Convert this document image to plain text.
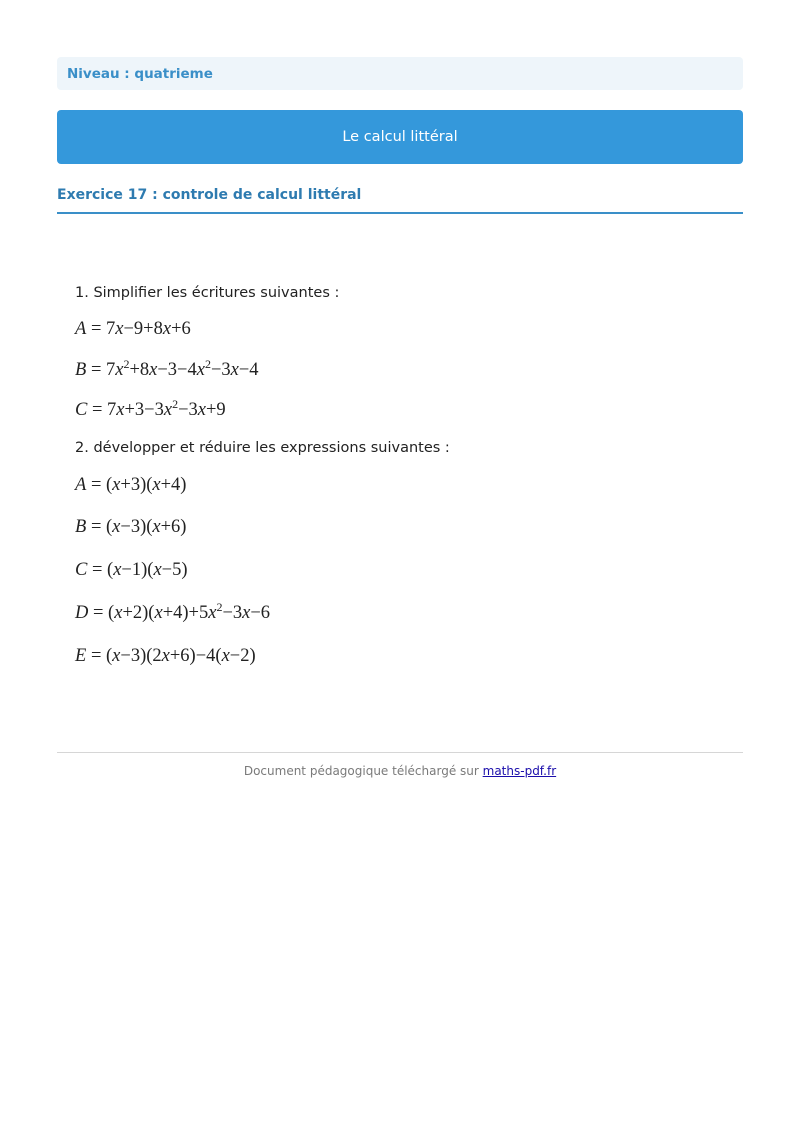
Niveau : quatrieme
Le calcul littéral
Exercice 17 : controle de calcul littéral
1. Simplifier les écritures suivantes :
A = 7x−9+8x+6
$B = 7x^2+8x-3-4x^2-3x-4$
$C = 7x+3-3x^2-3x+9$
2. développer et réduire les expressions suivantes :
A = (x+3)(x+4)
B = (x−3)(x+6)
C = (x−1)(x−5)
$D = (x+2)(x+4)+5x^2-3x-6$
E = (x−3)(2x+6)−4(x−2)
Document pédagogique téléchargé sur maths-pdf.fr
